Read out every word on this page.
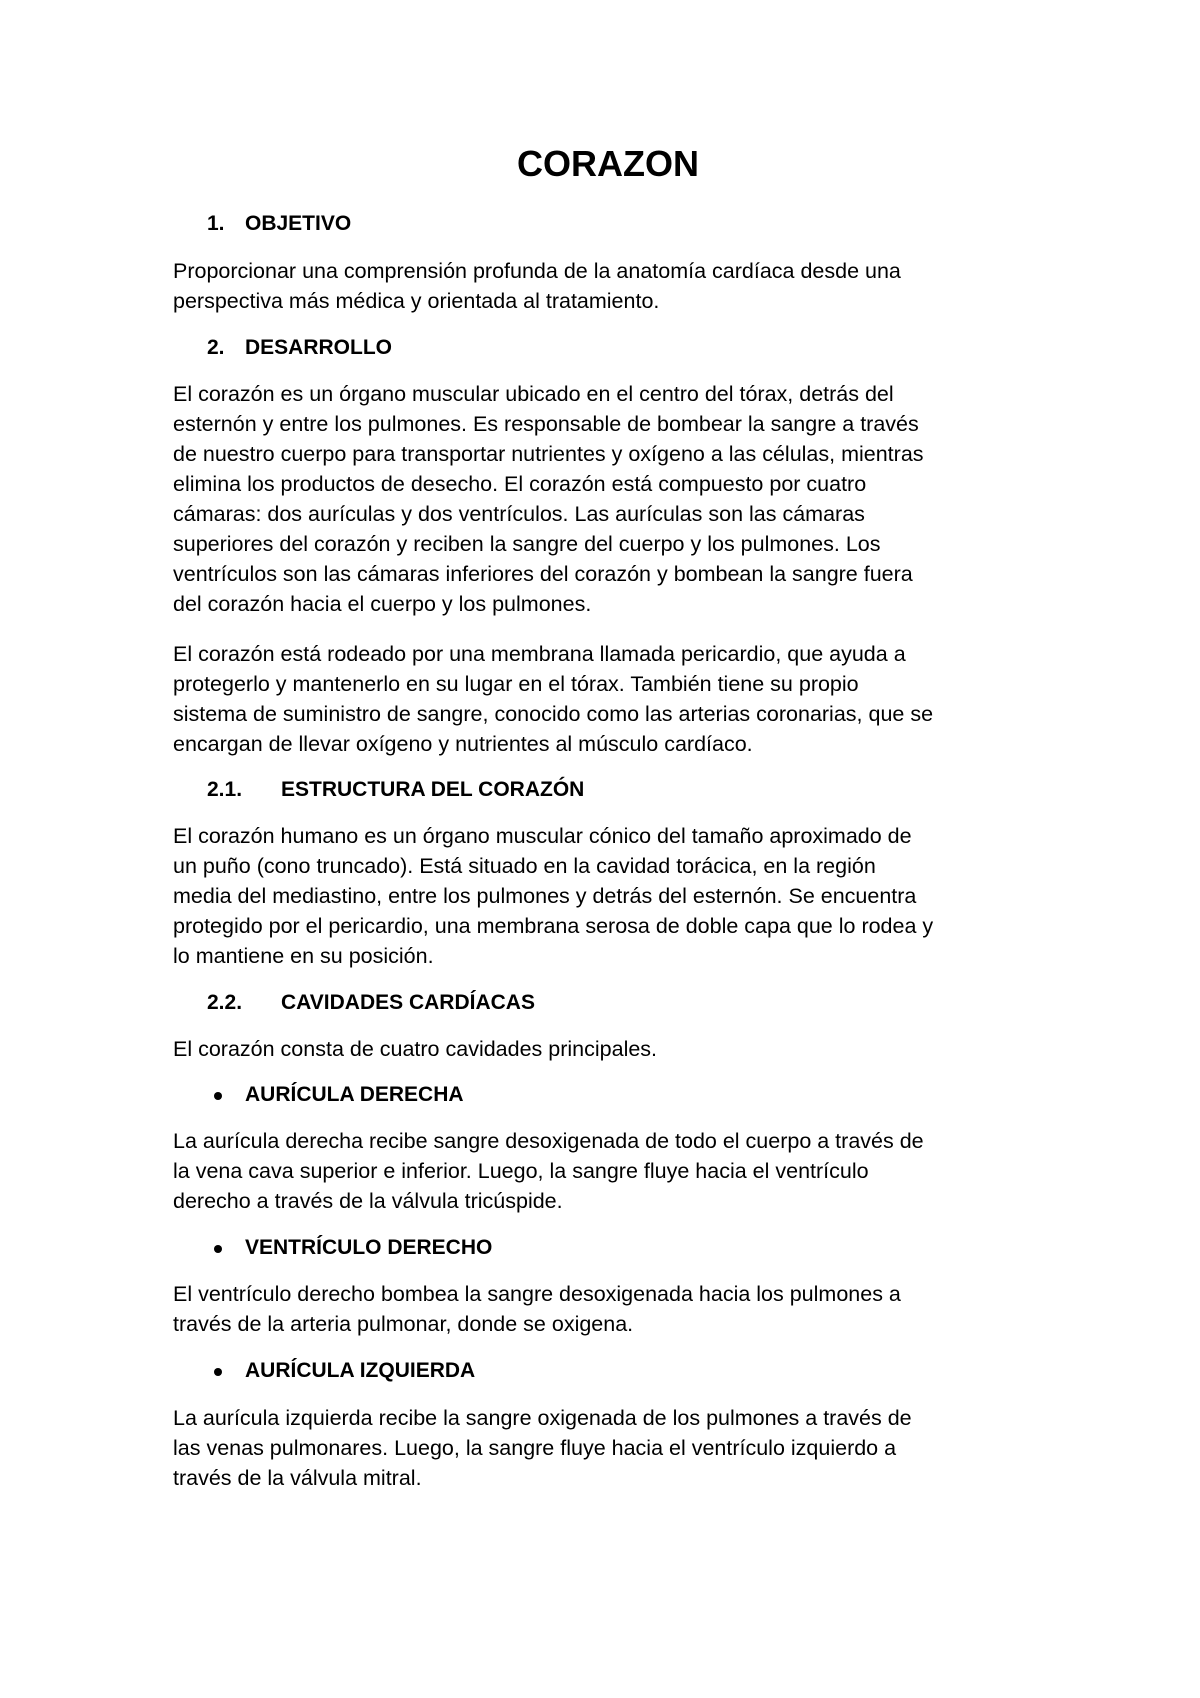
CORAZON
1. OBJETIVO

Proporcionar una comprensión profunda de la anatomía cardíaca desde una
perspectiva más médica y orientada al tratamiento.

2. DESARROLLO

El corazón es un órgano muscular ubicado en el centro del tórax, detrás del
esternón y entre los pulmones. Es responsable de bombear la sangre a través
de nuestro cuerpo para transportar nutrientes y oxígeno a las células, mientras
elimina los productos de desecho. El corazón está compuesto por cuatro
cámaras: dos aurículas y dos ventrículos. Las aurículas son las cámaras
superiores del corazón y reciben la sangre del cuerpo y los pulmones. Los
ventrículos son las cámaras inferiores del corazón y bombean la sangre fuera
del corazón hacia el cuerpo y los pulmones.

El corazón está rodeado por una membrana llamada pericardio, que ayuda a
protegerlo y mantenerlo en su lugar en el tórax. También tiene su propio
sistema de suministro de sangre, conocido como las arterias coronarias, que se
encargan de llevar oxígeno y nutrientes al músculo cardíaco.

2.1. ESTRUCTURA DEL CORAZÓN

El corazón humano es un órgano muscular cónico del tamaño aproximado de
un puño (cono truncado). Está situado en la cavidad torácica, en la región
media del mediastino, entre los pulmones y detrás del esternón. Se encuentra
protegido por el pericardio, una membrana serosa de doble capa que lo rodea y
lo mantiene en su posición.

2.2. CAVIDADES CARDÍACAS

El corazón consta de cuatro cavidades principales.

AURÍCULA DERECHA

La aurícula derecha recibe sangre desoxigenada de todo el cuerpo a través de
la vena cava superior e inferior. Luego, la sangre fluye hacia el ventrículo
derecho a través de la válvula tricúspide.

VENTRÍCULO DERECHO

El ventrículo derecho bombea la sangre desoxigenada hacia los pulmones a
través de la arteria pulmonar, donde se oxigena.

AURÍCULA IZQUIERDA

La aurícula izquierda recibe la sangre oxigenada de los pulmones a través de
las venas pulmonares. Luego, la sangre fluye hacia el ventrículo izquierdo a
través de la válvula mitral.
